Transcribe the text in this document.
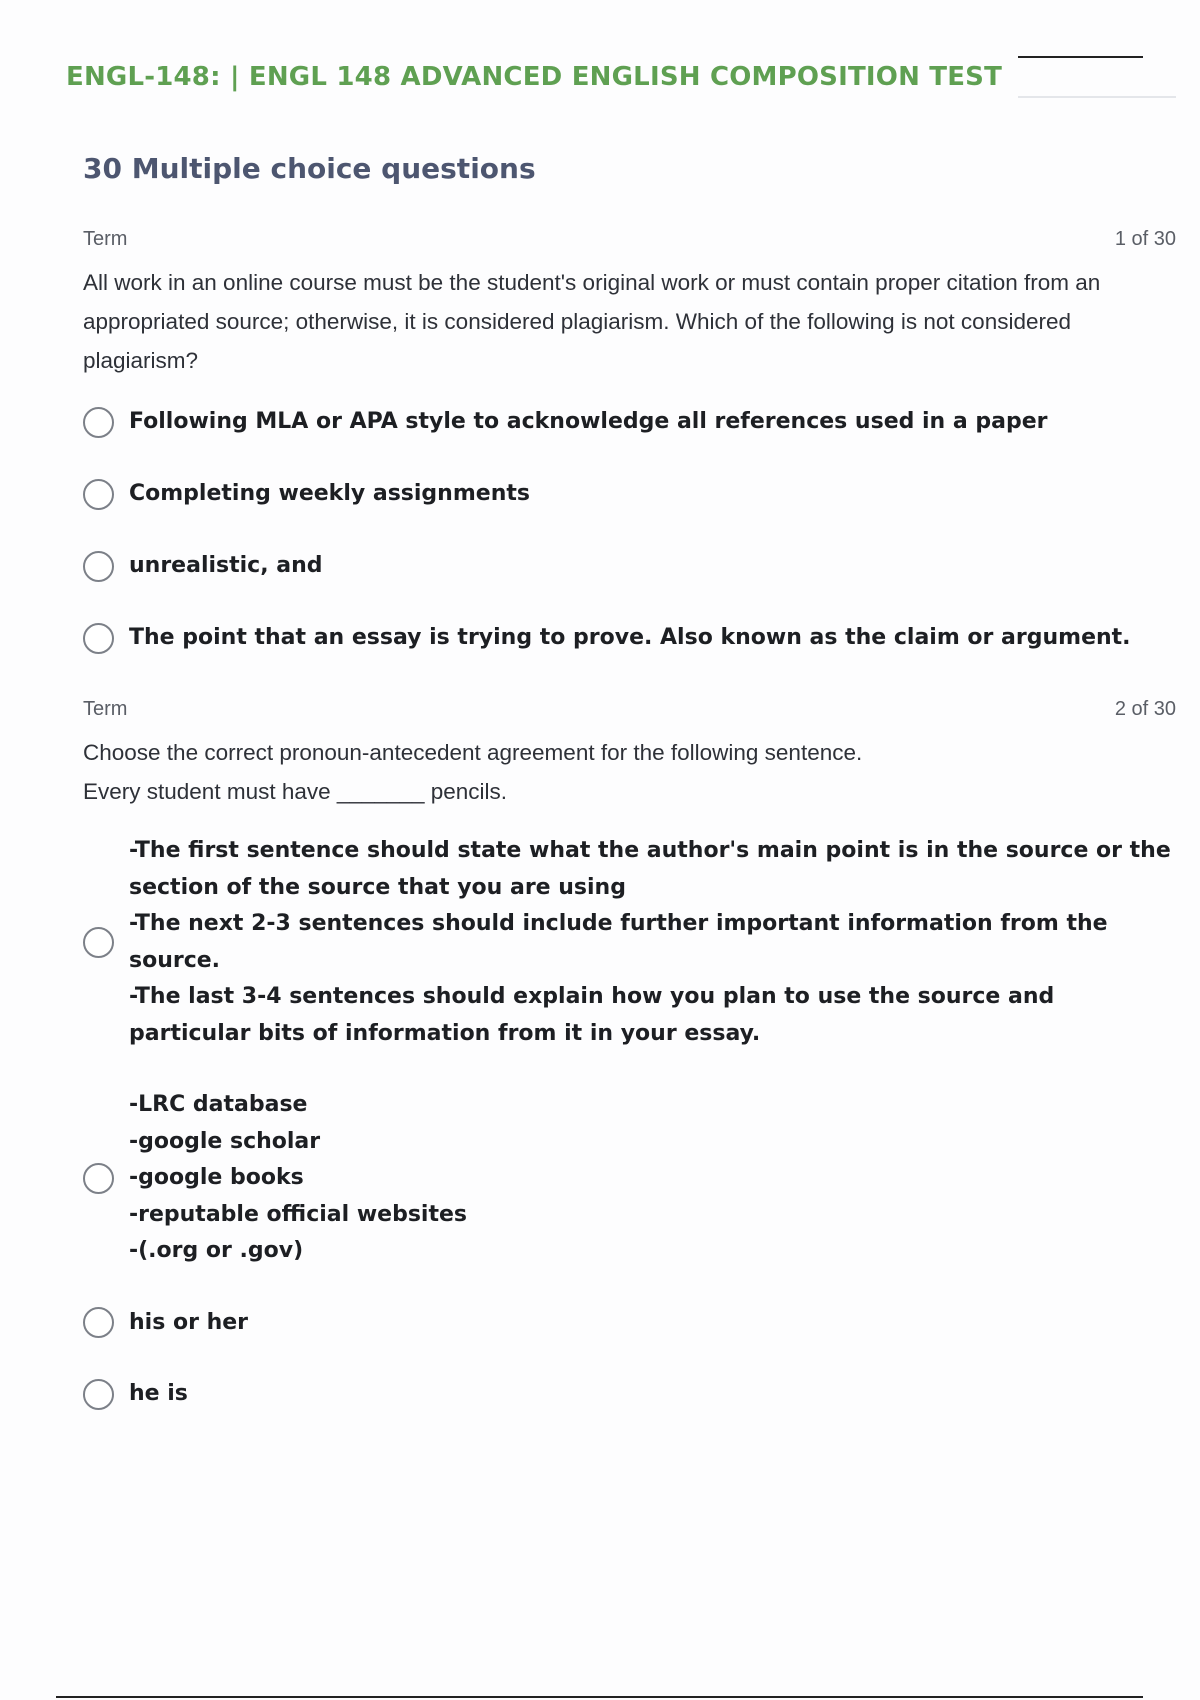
ENGL-148: | ENGL 148 ADVANCED ENGLISH COMPOSITION TEST
30 Multiple choice questions
Term	1 of 30
All work in an online course must be the student's original work or must contain proper citation from an appropriated source; otherwise, it is considered plagiarism. Which of the following is not considered plagiarism?
Following MLA or APA style to acknowledge all references used in a paper
Completing weekly assignments
unrealistic, and
The point that an essay is trying to prove. Also known as the claim or argument.
Term	2 of 30
Choose the correct pronoun-antecedent agreement for the following sentence.
Every student must have _______ pencils.
-The first sentence should state what the author's main point is in the source or the section of the source that you are using
-The next 2-3 sentences should include further important information from the source.
-The last 3-4 sentences should explain how you plan to use the source and particular bits of information from it in your essay.
-LRC database
-google scholar
-google books
-reputable official websites
-(.org or .gov)
his or her
he is
